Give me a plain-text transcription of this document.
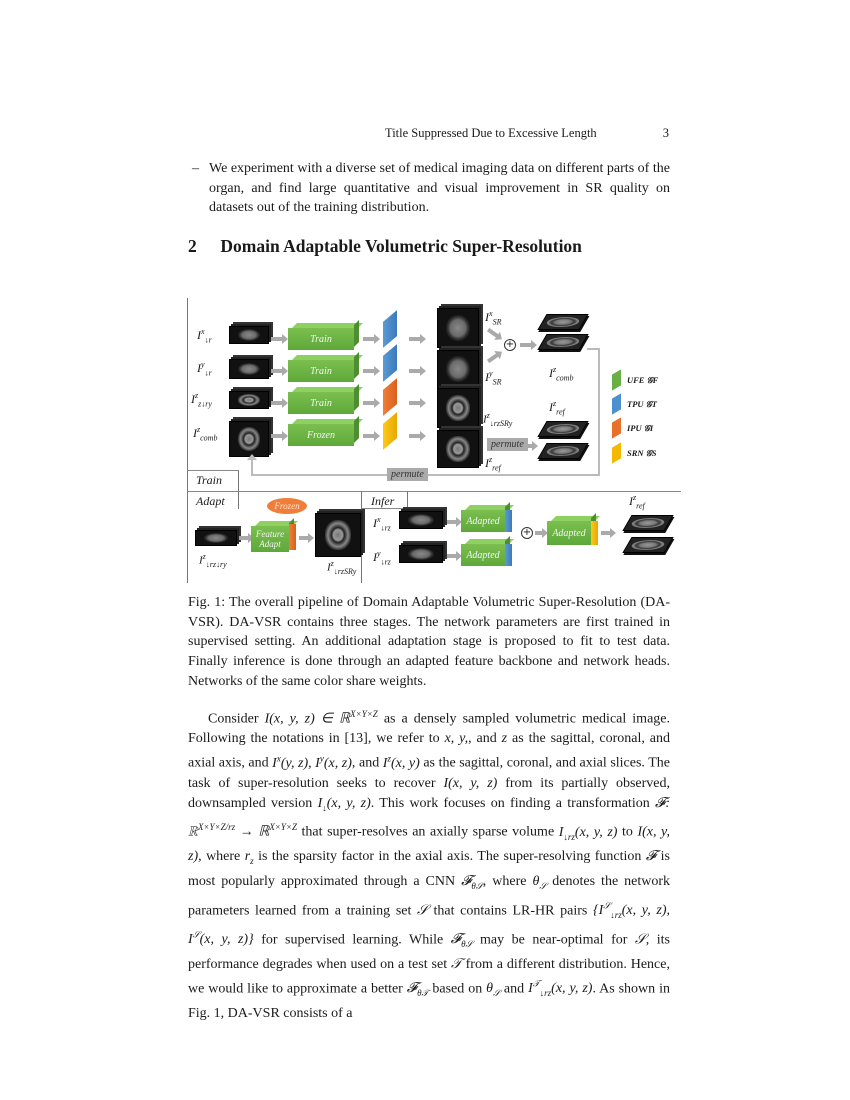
Title Suppressed Due to Excessive Length	3
– We experiment with a diverse set of medical imaging data on different parts of the organ, and find large quantitative and visual improvement in SR quality on datasets out of the training distribution.
2 Domain Adaptable Volumetric Super-Resolution
Train
Adapt	Infer
$I^x_{↓r}$
$I^y_{↓r}$
$I^z_{z↓ry}$
$I^z_{comb}$
Train
Train
Train
Frozen
$I^x_{SR}$
$I^y_{SR}$
$I^z_{↓rzSRy}$
$I^z_{ref}$
+
$I^z_{comb}$
$I^z_{ref}$
permute
permute
UFE
𝒢F
TPU
𝒢T
IPU
𝒢I
SRN
𝒢S
$I^z_{↓rz↓ry}$
Feature Adapt
Frozen
$I^z_{↓rzSRy}$
$I^x_{↓rz}$
$I^y_{↓rz}$
Adapted
Adapted
+	Adapted
$I^z_{ref}$
Fig. 1: The overall pipeline of Domain Adaptable Volumetric Super-Resolution (DA-VSR). DA-VSR contains three stages. The network parameters are first trained in supervised setting. An additional adaptation stage is proposed to fit to test data. Finally inference is done through an adapted feature backbone and network heads. Networks of the same color share weights.

Consider I(x, y, z) ∈ ℝ$^{X\times Y\times Z}$ as a densely sampled volumetric medical image. Following the notations in [13], we refer to x, y,, and z as the sagittal, coronal, and axial axis, and $I^x(y$, z), $I^y(x$, z), and $I^z(x$, y) as the sagittal, coronal, and axial slices. The task of super-resolution seeks to recover I(x, y, z) from its partially observed, downsampled version $I_↓(x$, y, z). This work focuses on finding a transformation 𝓕: ℝ$^{X\times Y\times Z/rz}$ → ℝ$^{X\times Y\times Z}$ that super-resolves an axially sparse volume $I_{↓rz}(x$, y, z) to I(x, y, z), where $r_z$ is the sparsity factor in the axial axis. The super-resolving function 𝓕 is most popularly approximated through a CNN 𝓕$_{\theta 𝒮}$, where $\theta_𝒮$ denotes the network parameters learned from a training set 𝒮 that contains LR-HR pairs {$I^𝒮_{↓rz}(x$, y, z), $I^𝒮(x$, y, z)} for supervised learning. While 𝓕$_{\theta 𝒮}$ may be near-optimal for 𝒮, its performance degrades when used on a test set 𝒯 from a different distribution. Hence, we would like to approximate a better 𝓕$_{\theta 𝒯}$ based on $\theta_𝒮$ and $I^𝒯_{↓rz}(x$, y, z). As shown in Fig. 1, DA-VSR consists of a
